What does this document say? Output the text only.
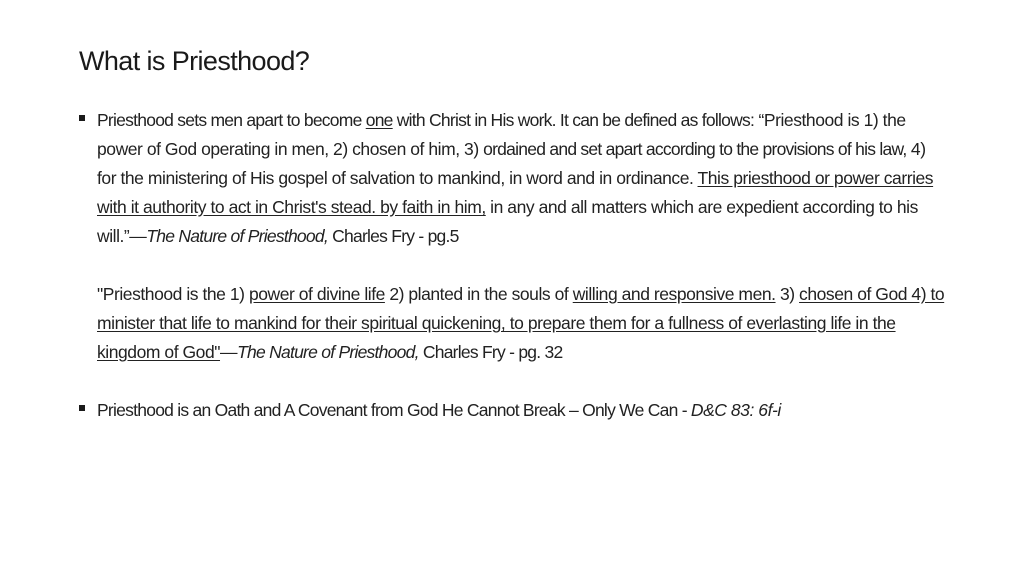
What is Priesthood?
Priesthood sets men apart to become one with Christ in His work. It can be defined as follows: “Priesthood is 1) the power of God operating in men, 2) chosen of him, 3) ordained and set apart according to the provisions of his law, 4) for the ministering of His gospel of salvation to mankind, in word and in ordinance. This priesthood or power carries with it authority to act in Christ's stead. by faith in him, in any and all matters which are expedient according to his will.”—The Nature of Priesthood, Charles Fry - pg.5
"Priesthood is the 1) power of divine life 2) planted in the souls of willing and responsive men. 3) chosen of God 4) to minister that life to mankind for their spiritual quickening, to prepare them for a fullness of everlasting life in the kingdom of God"—The Nature of Priesthood, Charles Fry - pg. 32
Priesthood is an Oath and A Covenant from God He Cannot Break – Only We Can - D&C 83: 6f-i
